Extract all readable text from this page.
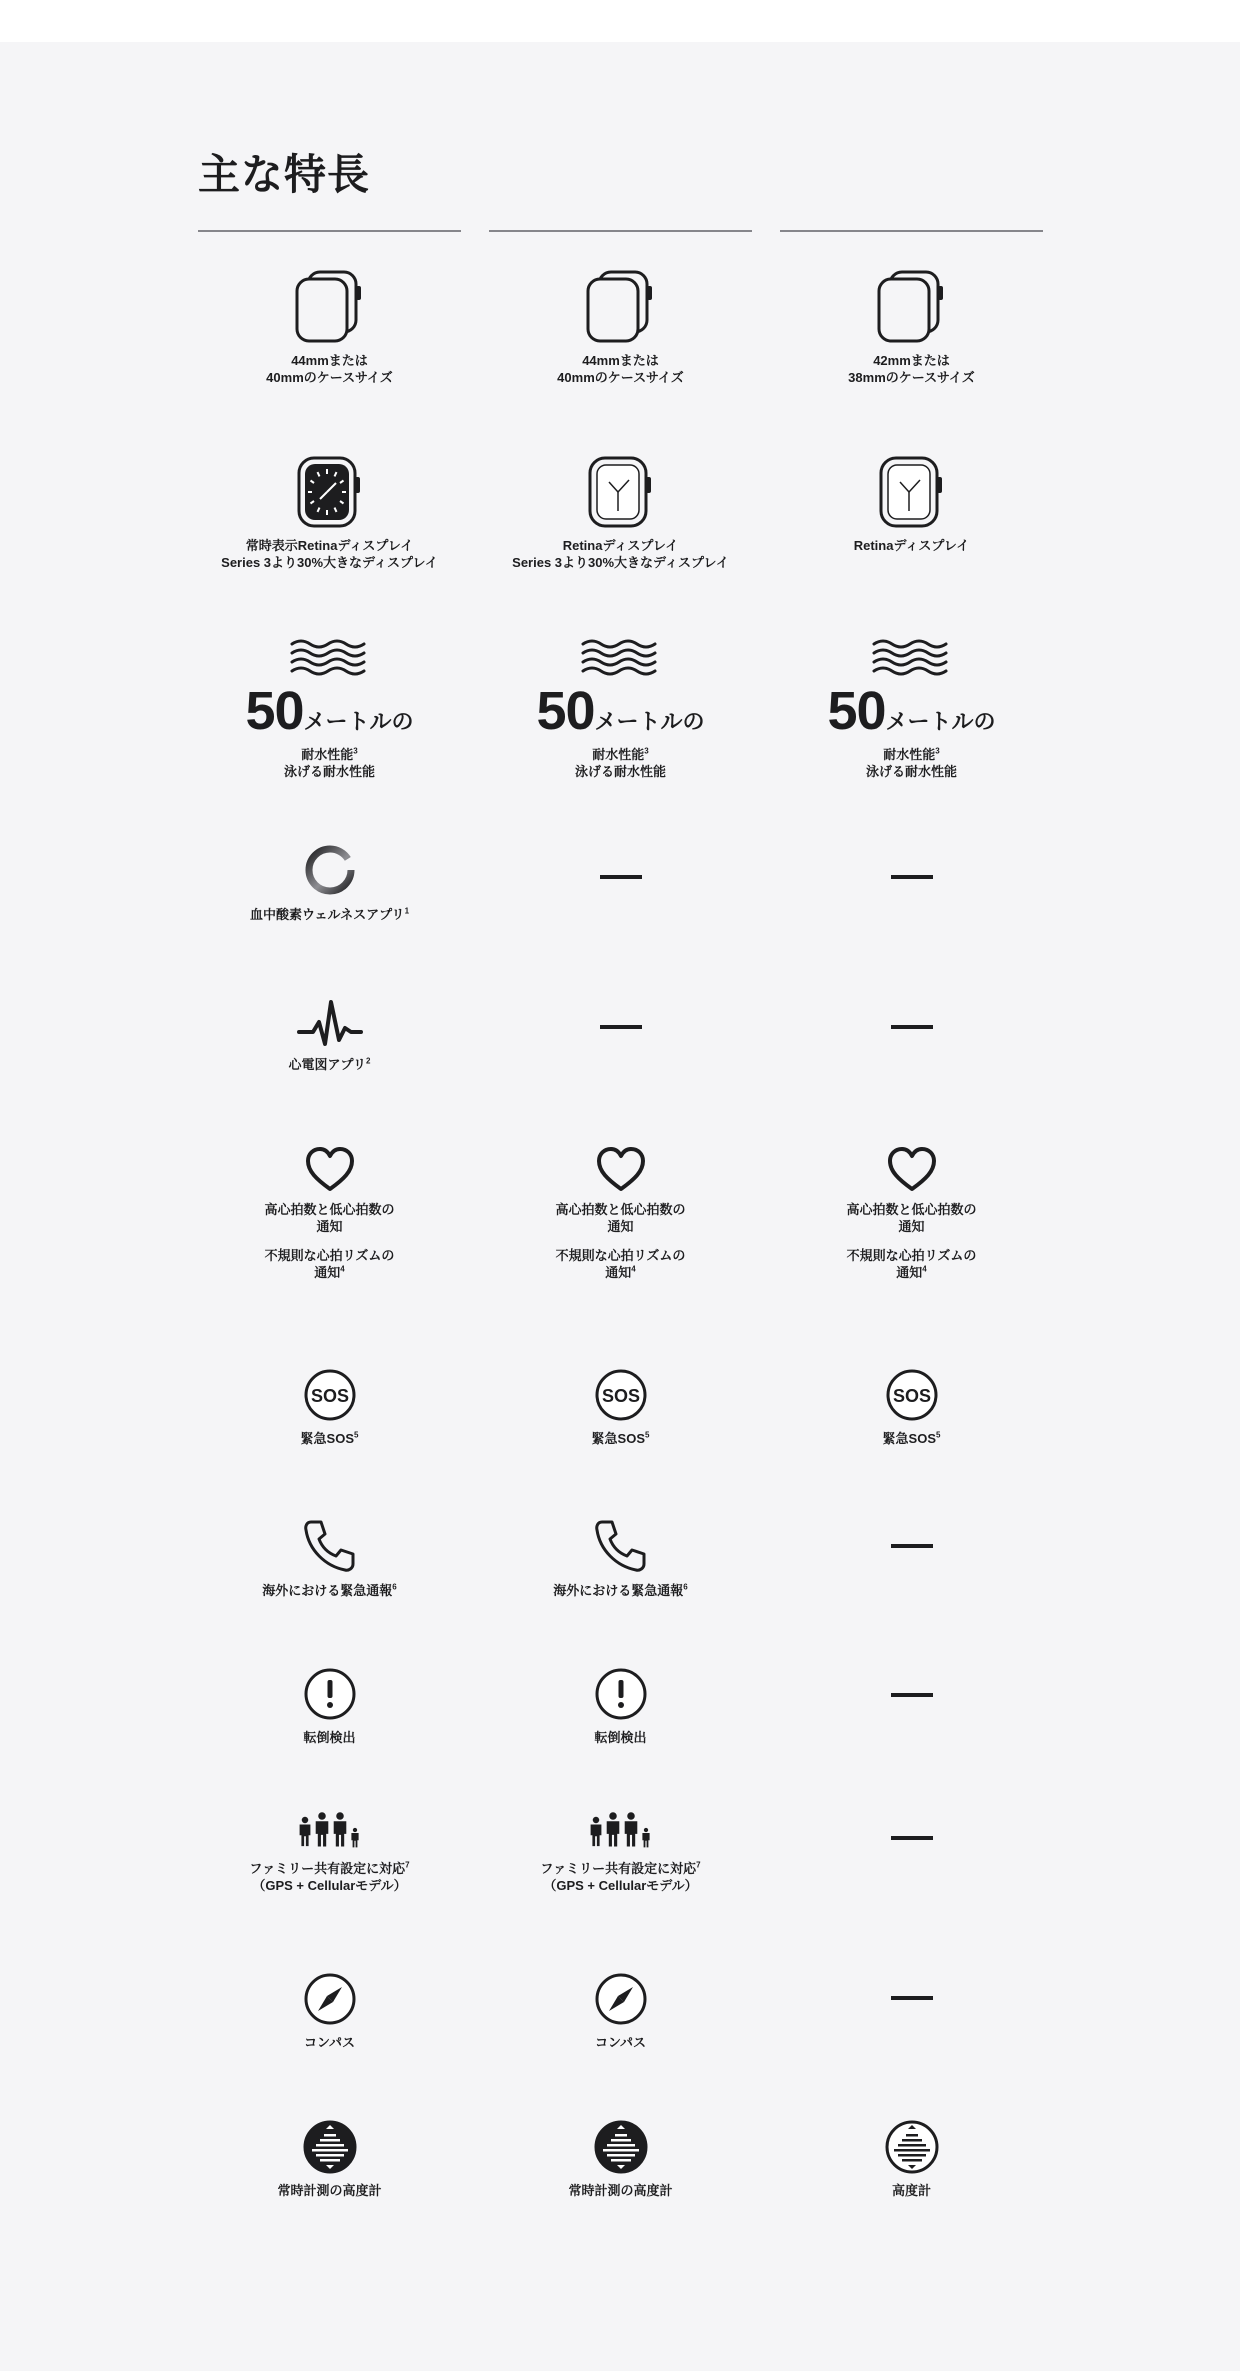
主な特長
44mmまたは
40mmのケースサイズ
常時表示Retinaディスプレイ
Series 3より30%大きなディスプレイ
50メートルの
耐水性能$^3$
泳げる耐水性能
血中酸素ウェルネスアプリ$^1$
心電図アプリ$^2$
高心拍数と低心拍数の
通知
不規則な心拍リズムの
通知$^4$
SOS
緊急SOS$^5$
海外における緊急通報$^6$
転倒検出
ファミリー共有設定に対応$^7$
（GPS + Cellularモデル）
コンパス
常時計測の高度計
44mmまたは
40mmのケースサイズ
Retinaディスプレイ
Series 3より30%大きなディスプレイ
50メートルの
耐水性能$^3$
泳げる耐水性能
高心拍数と低心拍数の
通知
不規則な心拍リズムの
通知$^4$
SOS
緊急SOS$^5$
海外における緊急通報$^6$
転倒検出
ファミリー共有設定に対応$^7$
（GPS + Cellularモデル）
コンパス
常時計測の高度計
42mmまたは
38mmのケースサイズ
Retinaディスプレイ
50メートルの
耐水性能$^3$
泳げる耐水性能
高心拍数と低心拍数の
通知
不規則な心拍リズムの
通知$^4$
SOS
緊急SOS$^5$
高度計
